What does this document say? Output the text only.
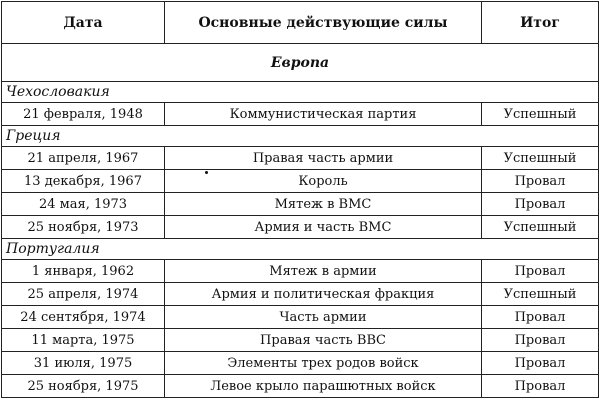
Дата	Основные действующие силы	Итог
Европа		
Чехословакия		
21 февраля, 1948	Коммунистическая партия	Успешный
Греция		
21 апреля, 1967	Правая часть армии	Успешный
13 декабря, 1967	Король	Провал
24 мая, 1973	Мятеж в ВМС	Провал
25 ноября, 1973	Армия и часть ВМС	Успешный
Португалия		
1 января, 1962	Мятеж в армии	Провал
25 апреля, 1974	Армия и политическая фракция	Успешный
24 сентября, 1974	Часть армии	Провал
11 марта, 1975	Правая часть ВВС	Провал
31 июля, 1975	Элементы трех родов войск	Провал
25 ноября, 1975	Левое крыло парашютных войск	Провал
